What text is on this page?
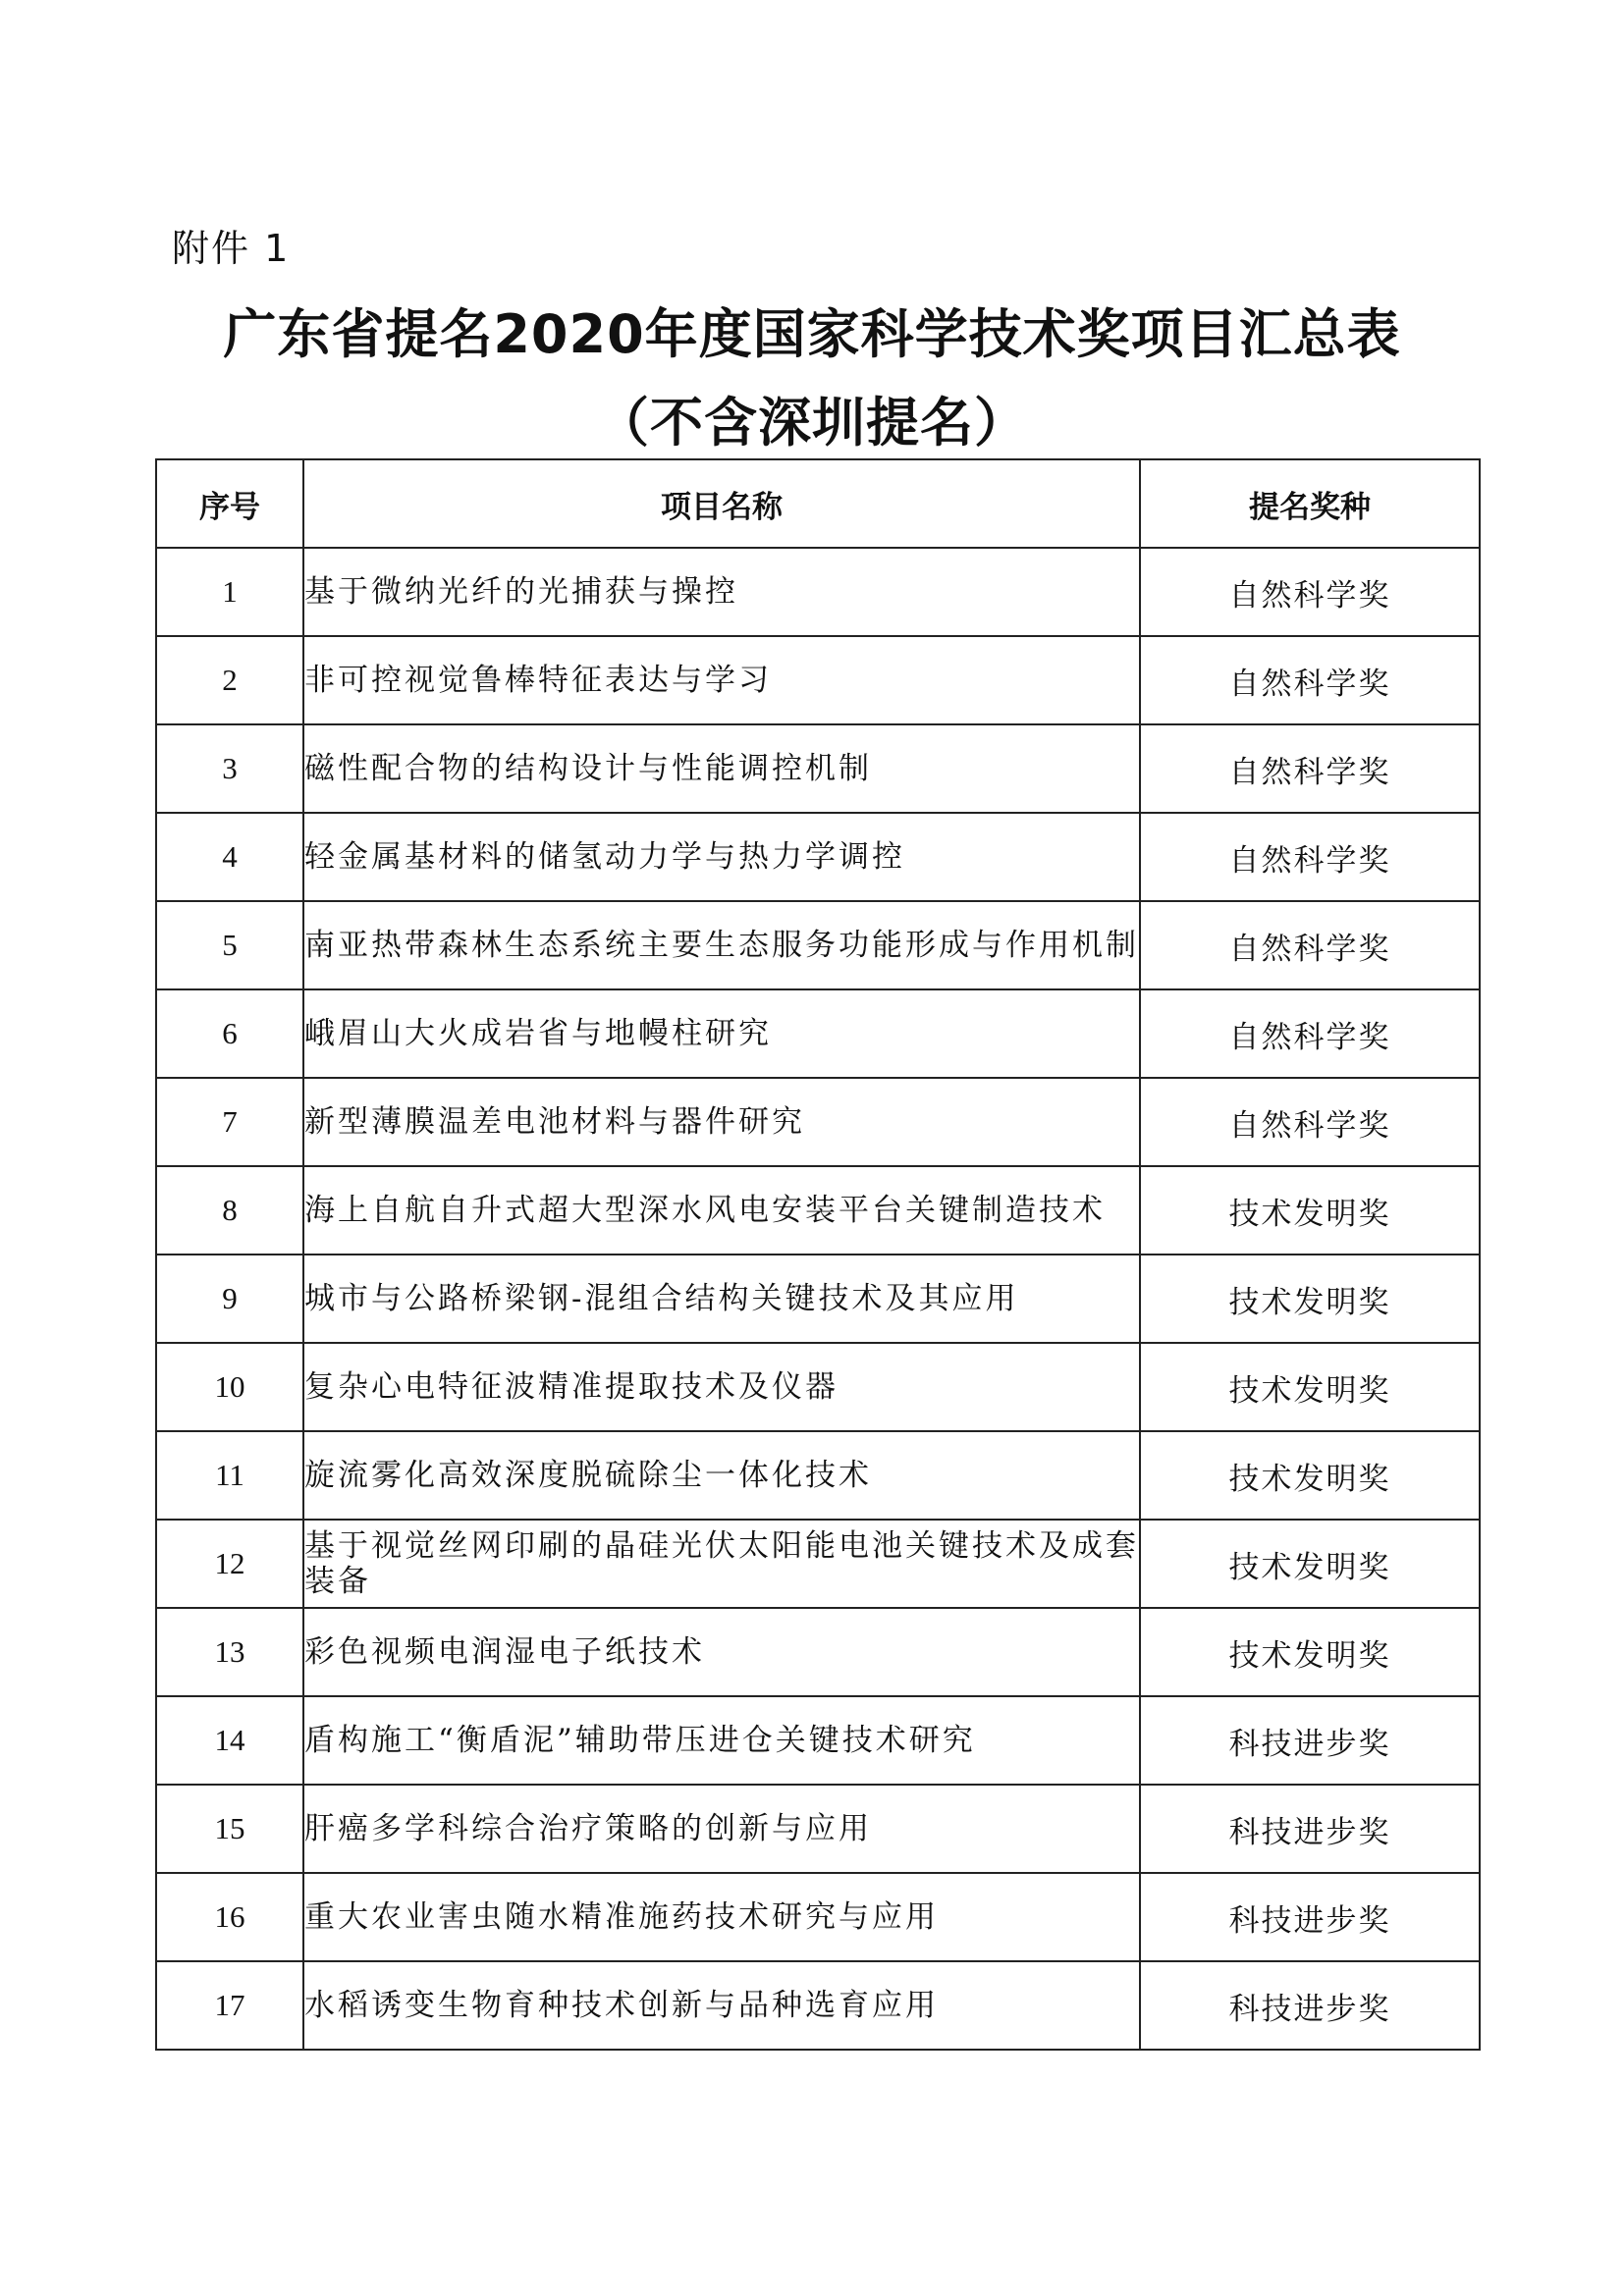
附件 1
广东省提名2020年度国家科学技术奖项目汇总表
（不含深圳提名）
序号	项目名称	提名奖种
1	基于微纳光纤的光捕获与操控	自然科学奖
2	非可控视觉鲁棒特征表达与学习	自然科学奖
3	磁性配合物的结构设计与性能调控机制	自然科学奖
4	轻金属基材料的储氢动力学与热力学调控	自然科学奖
5	南亚热带森林生态系统主要生态服务功能形成与作用机制	自然科学奖
6	峨眉山大火成岩省与地幔柱研究	自然科学奖
7	新型薄膜温差电池材料与器件研究	自然科学奖
8	海上自航自升式超大型深水风电安装平台关键制造技术	技术发明奖
9	城市与公路桥梁钢-混组合结构关键技术及其应用	技术发明奖
10	复杂心电特征波精准提取技术及仪器	技术发明奖
11	旋流雾化高效深度脱硫除尘一体化技术	技术发明奖
12	基于视觉丝网印刷的晶硅光伏太阳能电池关键技术及成套装备	技术发明奖
13	彩色视频电润湿电子纸技术	技术发明奖
14	盾构施工“衡盾泥”辅助带压进仓关键技术研究	科技进步奖
15	肝癌多学科综合治疗策略的创新与应用	科技进步奖
16	重大农业害虫随水精准施药技术研究与应用	科技进步奖
17	水稻诱变生物育种技术创新与品种选育应用	科技进步奖
